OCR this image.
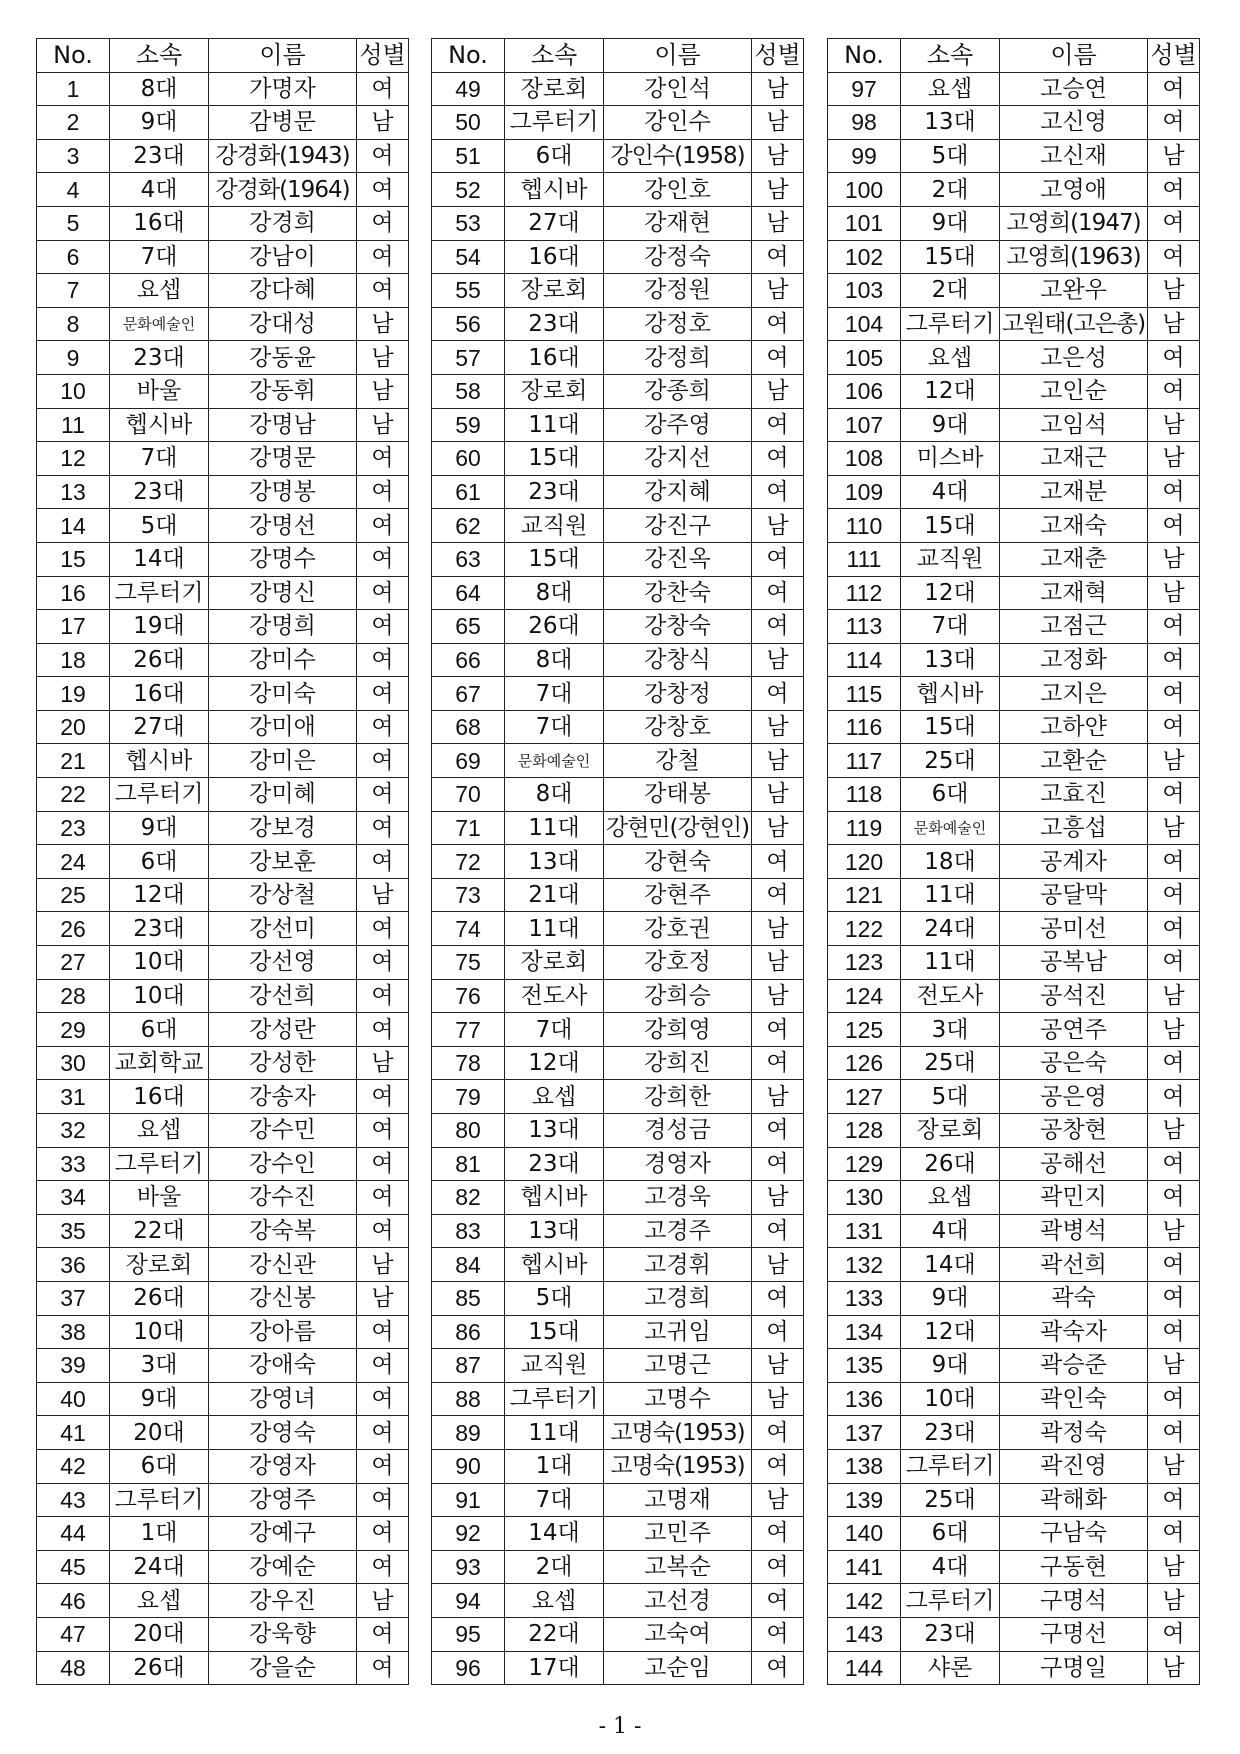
No.	소속	이름	성별
1	8대	가명자	여
2	9대	감병문	남
3	23대	강경화(1943)	여
4	4대	강경화(1964)	여
5	16대	강경희	여
6	7대	강남이	여
7	요셉	강다혜	여
8	문화예술인	강대성	남
9	23대	강동윤	남
10	바울	강동휘	남
11	헵시바	강명남	남
12	7대	강명문	여
13	23대	강명봉	여
14	5대	강명선	여
15	14대	강명수	여
16	그루터기	강명신	여
17	19대	강명희	여
18	26대	강미수	여
19	16대	강미숙	여
20	27대	강미애	여
21	헵시바	강미은	여
22	그루터기	강미혜	여
23	9대	강보경	여
24	6대	강보훈	여
25	12대	강상철	남
26	23대	강선미	여
27	10대	강선영	여
28	10대	강선희	여
29	6대	강성란	여
30	교회학교	강성한	남
31	16대	강송자	여
32	요셉	강수민	여
33	그루터기	강수인	여
34	바울	강수진	여
35	22대	강숙복	여
36	장로회	강신관	남
37	26대	강신봉	남
38	10대	강아름	여
39	3대	강애숙	여
40	9대	강영녀	여
41	20대	강영숙	여
42	6대	강영자	여
43	그루터기	강영주	여
44	1대	강예구	여
45	24대	강예순	여
46	요셉	강우진	남
47	20대	강욱향	여
48	26대	강을순	여
No.	소속	이름	성별
49	장로회	강인석	남
50	그루터기	강인수	남
51	6대	강인수(1958)	남
52	헵시바	강인호	남
53	27대	강재현	남
54	16대	강정숙	여
55	장로회	강정원	남
56	23대	강정호	여
57	16대	강정희	여
58	장로회	강종희	남
59	11대	강주영	여
60	15대	강지선	여
61	23대	강지혜	여
62	교직원	강진구	남
63	15대	강진옥	여
64	8대	강찬숙	여
65	26대	강창숙	여
66	8대	강창식	남
67	7대	강창정	여
68	7대	강창호	남
69	문화예술인	강철	남
70	8대	강태봉	남
71	11대	강현민(강현인)	남
72	13대	강현숙	여
73	21대	강현주	여
74	11대	강호권	남
75	장로회	강호정	남
76	전도사	강희승	남
77	7대	강희영	여
78	12대	강희진	여
79	요셉	강희한	남
80	13대	경성금	여
81	23대	경영자	여
82	헵시바	고경욱	남
83	13대	고경주	여
84	헵시바	고경휘	남
85	5대	고경희	여
86	15대	고귀임	여
87	교직원	고명근	남
88	그루터기	고명수	남
89	11대	고명숙(1953)	여
90	1대	고명숙(1953)	여
91	7대	고명재	남
92	14대	고민주	여
93	2대	고복순	여
94	요셉	고선경	여
95	22대	고숙여	여
96	17대	고순임	여
No.	소속	이름	성별
97	요셉	고승연	여
98	13대	고신영	여
99	5대	고신재	남
100	2대	고영애	여
101	9대	고영희(1947)	여
102	15대	고영희(1963)	여
103	2대	고완우	남
104	그루터기	고원태(고은총)	남
105	요셉	고은성	여
106	12대	고인순	여
107	9대	고임석	남
108	미스바	고재근	남
109	4대	고재분	여
110	15대	고재숙	여
111	교직원	고재춘	남
112	12대	고재혁	남
113	7대	고점근	여
114	13대	고정화	여
115	헵시바	고지은	여
116	15대	고하얀	여
117	25대	고환순	남
118	6대	고효진	여
119	문화예술인	고흥섭	남
120	18대	공계자	여
121	11대	공달막	여
122	24대	공미선	여
123	11대	공복남	여
124	전도사	공석진	남
125	3대	공연주	남
126	25대	공은숙	여
127	5대	공은영	여
128	장로회	공창현	남
129	26대	공해선	여
130	요셉	곽민지	여
131	4대	곽병석	남
132	14대	곽선희	여
133	9대	곽숙	여
134	12대	곽숙자	여
135	9대	곽승준	남
136	10대	곽인숙	여
137	23대	곽정숙	여
138	그루터기	곽진영	남
139	25대	곽해화	여
140	6대	구남숙	여
141	4대	구동현	남
142	그루터기	구명석	남
143	23대	구명선	여
144	샤론	구명일	남
- 1 -
